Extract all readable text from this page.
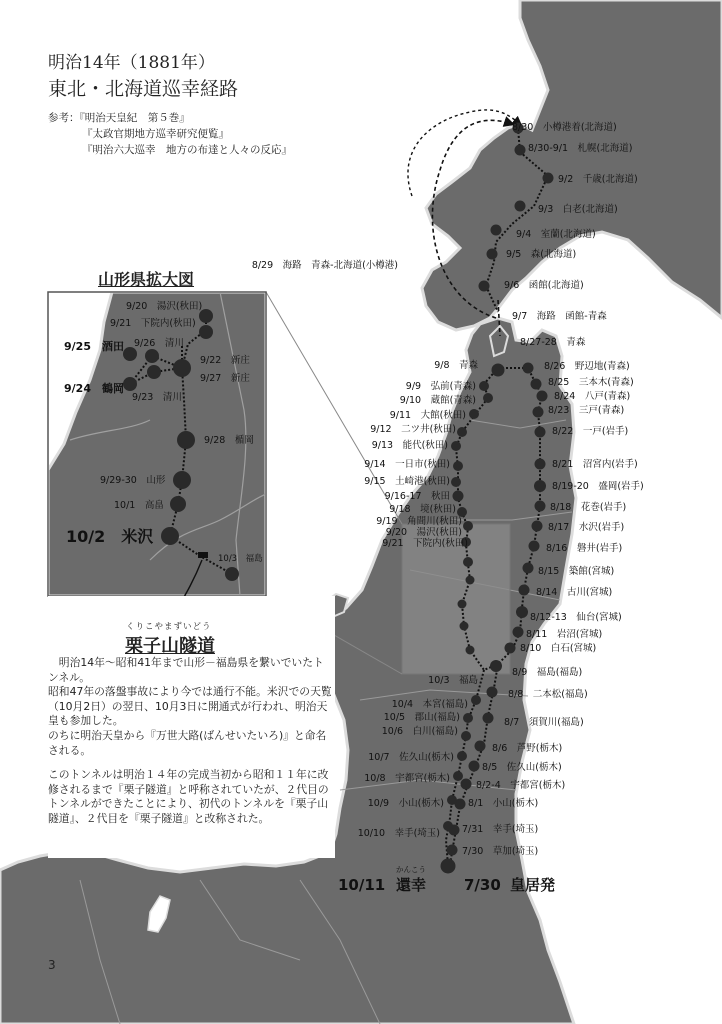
8/30　小樽港着(北海道)
8/30-9/1　札幌(北海道)
9/2　千歳(北海道)
9/3　白老(北海道)
9/4　室蘭(北海道)
9/5　森(北海道)
9/6　函館(北海道)
9/7　海路　函館-青森
8/27-28　青森
8/26　野辺地(青森)
8/25　三本木(青森)
8/24　八戸(青森)
8/23　三戸(青森)
8/22　一戸(岩手)
8/21　沼宮内(岩手)
8/19-20　盛岡(岩手)
8/18　花巻(岩手)
8/17　水沢(岩手)
8/16　磐井(岩手)
8/15　築館(宮城)
8/14　古川(宮城)
8/12-13　仙台(宮城)
8/11　岩沼(宮城)
8/10　白石(宮城)
8/9　福島(福島)
8/8　二本松(福島)
8/7　須賀川(福島)
8/6　芦野(栃木)
8/5　佐久山(栃木)
8/2-4　宇都宮(栃木)
8/1　小山(栃木)
7/31　幸手(埼玉)
7/30　草加(埼玉)
8/29　海路　青森-北海道(小樽港)
9/8　青森
9/9　弘前(青森)
9/10　蔵館(青森)
9/11　大館(秋田)
9/12　二ツ井(秋田)
9/13　能代(秋田)
9/14　一日市(秋田)
9/15　土崎港(秋田)
9/16-17　秋田
9/18　境(秋田)
9/19　角間川(秋田)
9/20　湯沢(秋田)
9/21　下院内(秋田)
10/3　福島
10/4　本宮(福島)
10/5　郡山(福島)
10/6　白川(福島)
10/7　佐久山(栃木)
10/8　宇都宮(栃木)
10/9　小山(栃木)
10/10　幸手(埼玉)
かんこう
10/11 還幸	7/30 皇居発
9/20　湯沢(秋田)
9/21　下院内(秋田)
9/26　清川
9/25　酒田
9/22　新庄
9/27　新庄
9/24　鶴岡
9/23　清川
9/28　楯岡
9/29-30　山形
10/1　高畠
10/2　米沢
10/3　福島
明治14年（1881年）
東北・北海道巡幸経路
参考：『明治天皇紀　第５巻』
『太政官期地方巡幸研究便覧』
『明治六大巡幸　地方の布達と人々の反応』
山形県拡大図
くりこやまずいどう
栗子山隧道

　明治14年～昭和41年まで山形－福島県を繋いでいたトンネル。

昭和47年の落盤事故により今では通行不能。米沢での天覧（10月2日）の翌日、10月3日に開通式が行われ、明治天皇も参加した。

のちに明治天皇から『万世大路(ばんせいたいろ)』と命名される。

このトンネルは明治１４年の完成当初から昭和１１年に改修されるまで『栗子隧道』と呼称されていたが、２代目のトンネルができたことにより、初代のトンネルを『栗子山隧道』、２代目を『栗子隧道』と改称された。

3
